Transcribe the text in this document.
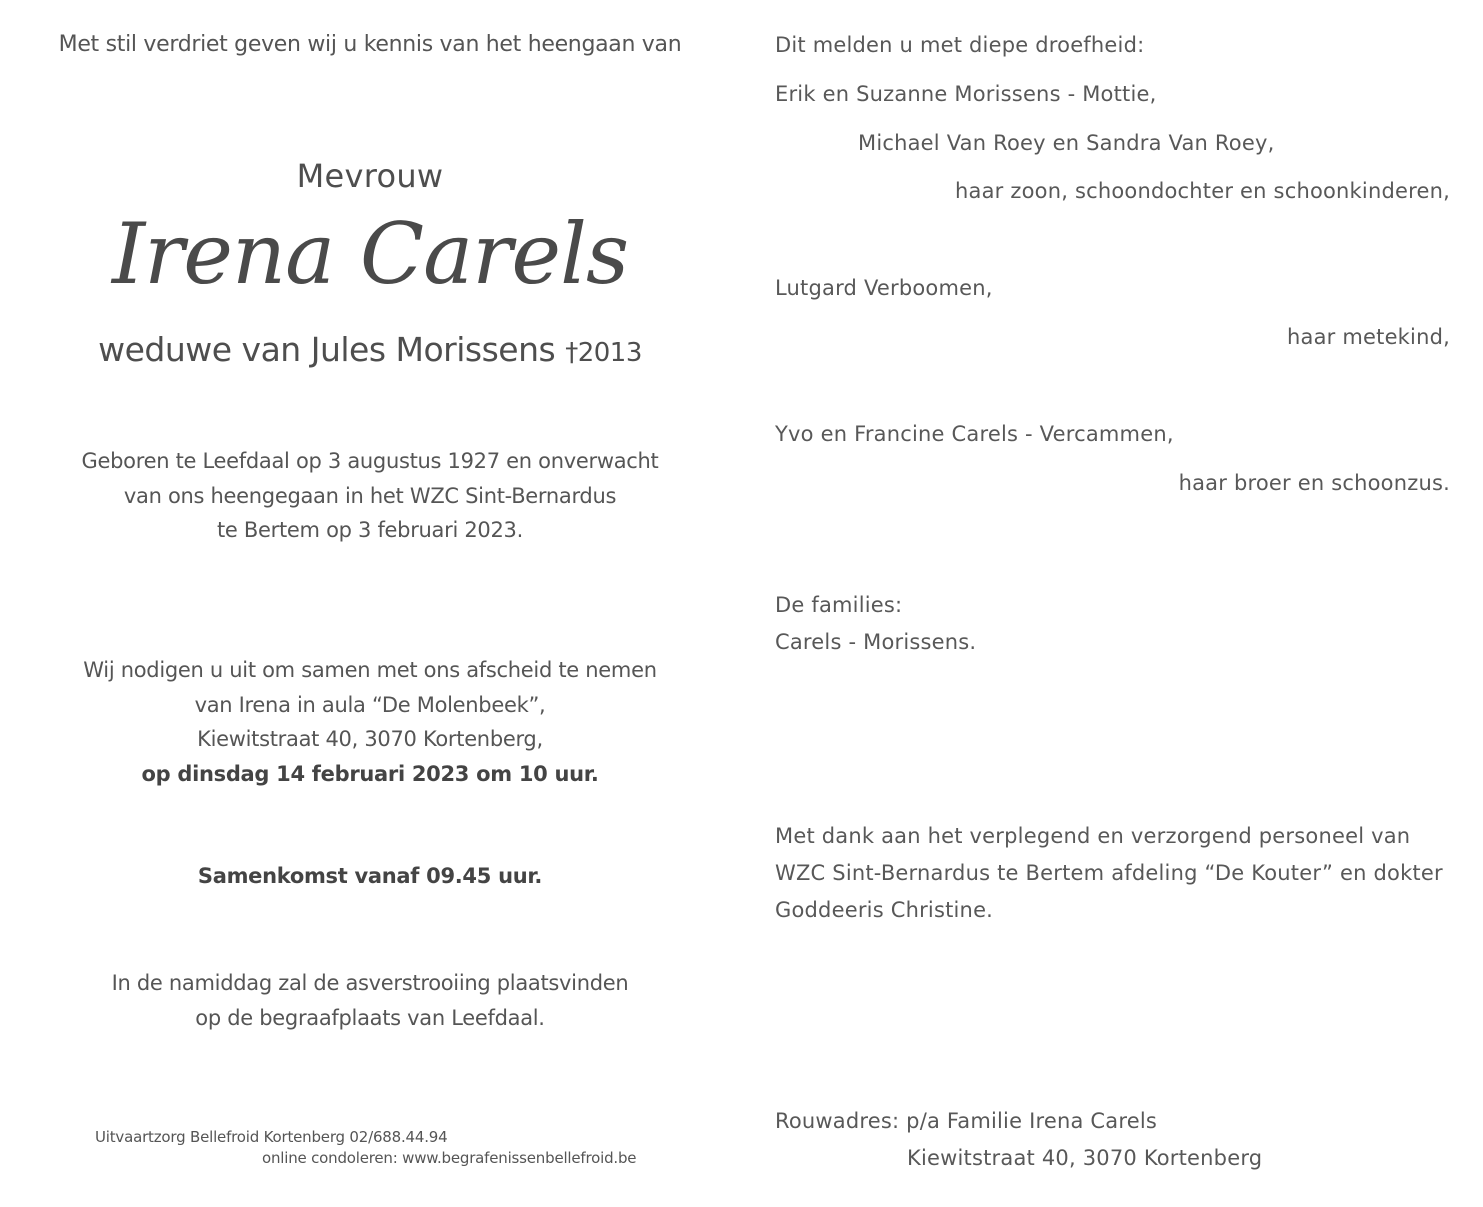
Met stil verdriet geven wij u kennis van het heengaan van

Mevrouw

Irena Carels

weduwe van Jules Morissens †2013

Geboren te Leefdaal op 3 augustus 1927 en onverwacht
van ons heengegaan in het WZC Sint-Bernardus
te Bertem op 3 februari 2023.
Wij nodigen u uit om samen met ons afscheid te nemen
van Irena in aula “De Molenbeek”,
Kiewitstraat 40, 3070 Kortenberg,
op dinsdag 14 februari 2023 om 10 uur.

Samenkomst vanaf 09.45 uur.

In de namiddag zal de asverstrooiing plaatsvinden
op de begraafplaats van Leefdaal.

Uitvaartzorg Bellefroid Kortenberg 02/688.44.94

online condoleren: www.begrafenissenbellefroid.be

Dit melden u met diepe droefheid:

Erik en Suzanne Morissens - Mottie,

Michael Van Roey en Sandra Van Roey,

haar zoon, schoondochter en schoonkinderen,

Lutgard Verboomen,

haar metekind,

Yvo en Francine Carels - Vercammen,

haar broer en schoonzus.

De families:

Carels - Morissens.

Met dank aan het verplegend en verzorgend personeel van
WZC Sint-Bernardus te Bertem afdeling “De Kouter” en dokter
Goddeeris Christine.

Rouwadres: p/a Familie Irena Carels

Kiewitstraat 40, 3070 Kortenberg
